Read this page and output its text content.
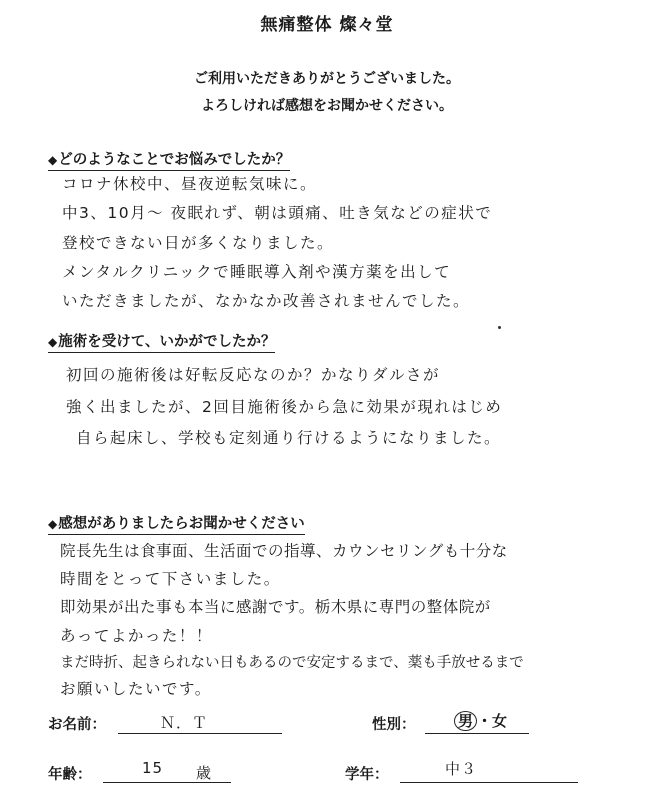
無痛整体 燦々堂
ご利用いただきありがとうございました。
よろしければ感想をお聞かせください。
◆どのようなことでお悩みでしたか？
コロナ休校中、昼夜逆転気味に。
中3、10月～ 夜眠れず、朝は頭痛、吐き気などの症状で
登校できない日が多くなりました。
メンタルクリニックで睡眠導入剤や漢方薬を出して
いただきましたが、なかなか改善されませんでした。
◆施術を受けて、いかがでしたか？
初回の施術後は好転反応なのか？かなりダルさが
強く出ましたが、2回目施術後から急に効果が現れはじめ
自ら起床し、学校も定刻通り行けるようになりました。
◆感想がありましたらお聞かせください
院長先生は食事面、生活面での指導、カウンセリングも十分な
時間をとって下さいました。
即効果が出た事も本当に感謝です。栃木県に専門の整体院が
あってよかった！！
まだ時折、起きられない日もあるので安定するまで、薬も手放せるまで
お願いしたいです。
お名前：	Ｎ．Ｔ	性別：	男 ・女
年齢：	15 歳	学年：	中３
